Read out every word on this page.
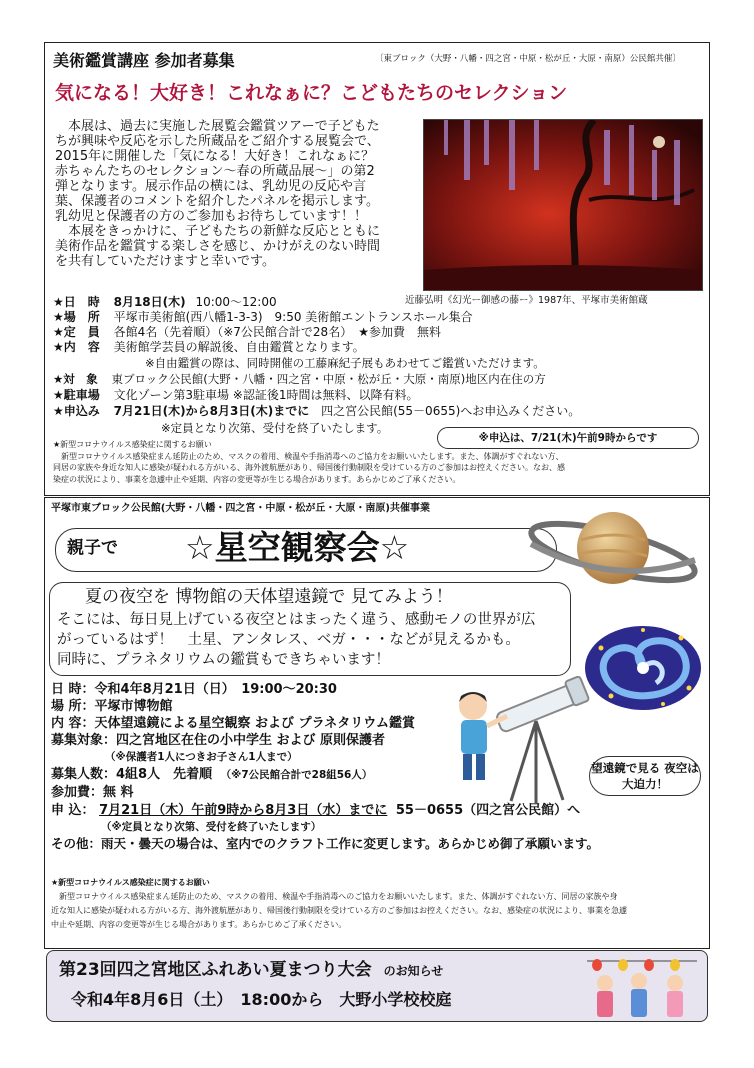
美術鑑賞講座 参加者募集	〔東ブロック（大野・八幡・四之宮・中原・松が丘・大原・南原）公民館共催〕
気になる！大好き！これなぁに？こどもたちのセレクション
　本展は、過去に実施した展覧会鑑賞ツアーで子どもた
ちが興味や反応を示した所蔵品をご紹介する展覧会で、
2015年に開催した「気になる！大好き！これなぁに？
赤ちゃんたちのセレクション～春の所蔵品展～」の第2
弾となります。展示作品の横には、乳幼児の反応や言
葉、保護者のコメントを紹介したパネルを掲示します。
乳幼児と保護者の方のご参加もお待ちしています！！
　本展をきっかけに、子どもたちの新鮮な反応とともに
美術作品を鑑賞する楽しさを感じ、かけがえのない時間
を共有していただけますと幸いです。
近藤弘明《幻光ー御感の藤ー》1987年、平塚市美術館蔵
★日　時 8月18日(木) 10:00～12:00
★場　所 平塚市美術館(西八幡1-3-3)　9:50 美術館エントランスホール集合
★定　員 各館4名（先着順）（※7公民館合計で28名）　★参加費　無料
★内　容 美術館学芸員の解説後、自由鑑賞となります。
※自由鑑賞の際は、同時開催の工藤麻紀子展もあわせてご鑑賞いただけます。
★対　象 東ブロック公民館(大野・八幡・四之宮・中原・松が丘・大原・南原)地区内在住の方
★駐車場 文化ゾーン第3駐車場 ※認証後1時間は無料、以降有料。
★申込み 7月21日(木)から8月3日(木)までに 四之宮公民館(55－0655)へお申込みください。
※定員となり次第、受付を終了いたします。
※申込は、7/21(木)午前9時からです
★新型コロナウイルス感染症に関するお願い
　新型コロナウイルス感染症まん延防止のため、マスクの着用、検温や手指消毒へのご協力をお願いいたします。また、体調がすぐれない方、
同居の家族や身近な知人に感染が疑われる方がいる、海外渡航歴があり、帰国後行動制限を受けている方のご参加はお控えください。なお、感
染症の状況により、事業を急遽中止や延期、内容の変更等が生じる場合があります。あらかじめご了承ください。
平塚市東ブロック公民館(大野・八幡・四之宮・中原・松が丘・大原・南原)共催事業
親子で ☆星空観察会☆
夏の夜空を 博物館の天体望遠鏡で 見てみよう！
そこには、毎日見上げている夜空とはまったく違う、感動モノの世界が広
がっているはず！　土星、アンタレス、ベガ・・・などが見えるかも。
同時に、プラネタリウムの鑑賞もできちゃいます！
日 時：令和4年8月21日（日）　19:00～20:30
場 所：平塚市博物館
内 容：天体望遠鏡による星空観察 および プラネタリウム鑑賞
募集対象：四之宮地区在住の小中学生 および 原則保護者
（※保護者1人につきお子さん1人まで）
募集人数：4組8人　先着順 （※7公民館合計で28組56人）
参加費：無 料
申 込： 7月21日（木）午前9時から8月3日（水）までに 55－0655（四之宮公民館）へ
（※定員となり次第、受付を終了いたします）
その他：雨天・曇天の場合は、室内でのクラフト工作に変更します。あらかじめ御了承願います。
望遠鏡で見る 夜空は大迫力！
★新型コロナウイルス感染症に関するお願い
　新型コロナウイルス感染症まん延防止のため、マスクの着用、検温や手指消毒へのご協力をお願いいたします。また、体調がすぐれない方、同居の家族や身
近な知人に感染が疑われる方がいる方、海外渡航歴があり、帰国後行動制限を受けている方のご参加はお控えください。なお、感染症の状況により、事業を急遽
中止や延期、内容の変更等が生じる場合があります。あらかじめご了承ください。
第23回四之宮地区ふれあい夏まつり大会 のお知らせ
令和4年8月6日（土）　18:00から　大野小学校校庭
